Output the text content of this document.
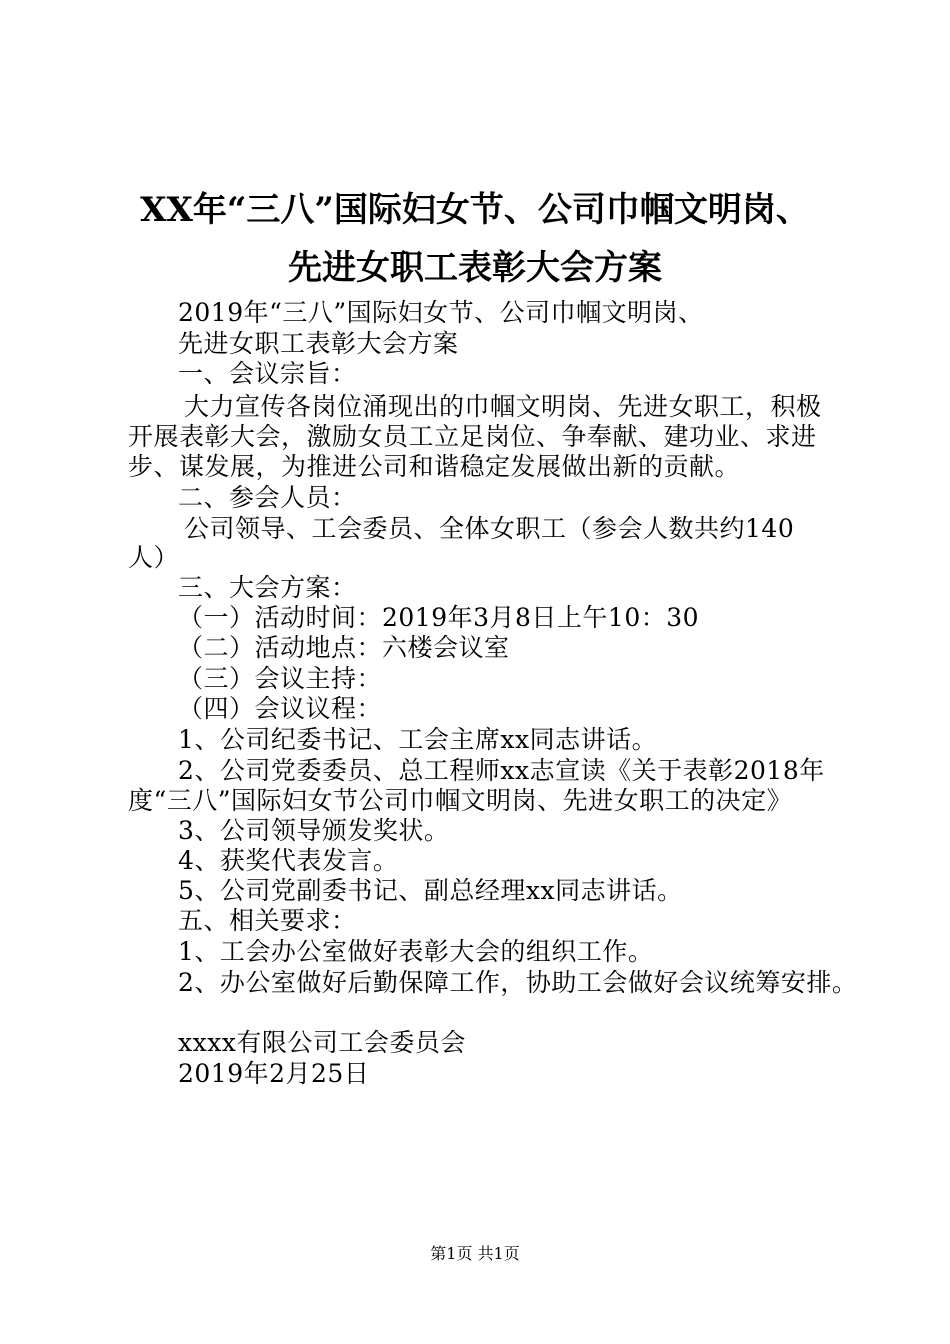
XX年“三八”国际妇女节、公司巾帼文明岗、
先进女职工表彰大会方案
2019年“三八”国际妇女节、公司巾帼文明岗、
先进女职工表彰大会方案
一、会议宗旨：
大力宣传各岗位涌现出的巾帼文明岗、先进女职工，积极
开展表彰大会，激励女员工立足岗位、争奉献、建功业、求进
步、谋发展，为推进公司和谐稳定发展做出新的贡献。
二、参会人员：
公司领导、工会委员、全体女职工（参会人数共约140
人）
三、大会方案：
（一）活动时间：2019年3月8日上午10：30
（二）活动地点：六楼会议室
（三）会议主持：
（四）会议议程：
1、公司纪委书记、工会主席xx同志讲话。
2、公司党委委员、总工程师xx志宣读《关于表彰2018年
度“三八”国际妇女节公司巾帼文明岗、先进女职工的决定》
3、公司领导颁发奖状。
4、获奖代表发言。
5、公司党副委书记、副总经理xx同志讲话。
五、相关要求：
1、工会办公室做好表彰大会的组织工作。
2、办公室做好后勤保障工作，协助工会做好会议统筹安排。
xxxx有限公司工会委员会
2019年2月25日
第1页 共1页
